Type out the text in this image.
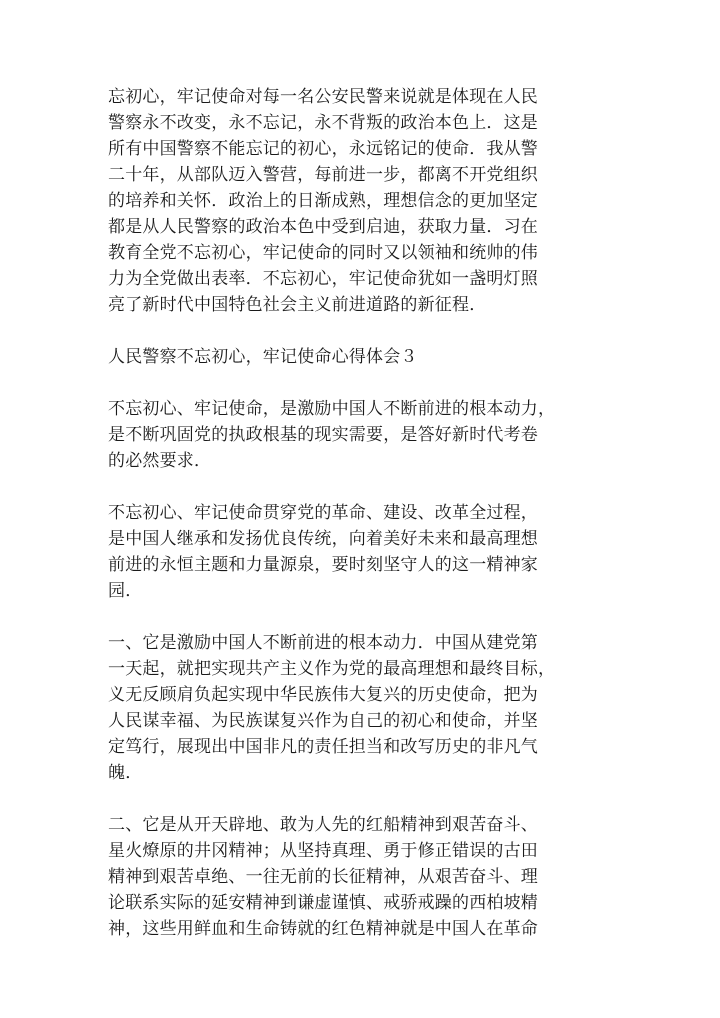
忘初心，牢记使命对每一名公安民警来说就是体现在人民
警察永不改变，永不忘记，永不背叛的政治本色上．这是
所有中国警察不能忘记的初心，永远铭记的使命．我从警
二十年，从部队迈入警营，每前进一步，都离不开党组织
的培养和关怀．政治上的日渐成熟，理想信念的更加坚定
都是从人民警察的政治本色中受到启迪，获取力量．习在
教育全党不忘初心，牢记使命的同时又以领袖和统帅的伟
力为全党做出表率．不忘初心，牢记使命犹如一盏明灯照
亮了新时代中国特色社会主义前进道路的新征程．

人民警察不忘初心，牢记使命心得体会３

不忘初心、牢记使命，是激励中国人不断前进的根本动力，
是不断巩固党的执政根基的现实需要，是答好新时代考卷
的必然要求．

不忘初心、牢记使命贯穿党的革命、建设、改革全过程，
是中国人继承和发扬优良传统，向着美好未来和最高理想
前进的永恒主题和力量源泉，要时刻坚守人的这一精神家
园．

一、它是激励中国人不断前进的根本动力．中国从建党第
一天起，就把实现共产主义作为党的最高理想和最终目标，
义无反顾肩负起实现中华民族伟大复兴的历史使命，把为
人民谋幸福、为民族谋复兴作为自己的初心和使命，并坚
定笃行，展现出中国非凡的责任担当和改写历史的非凡气
魄．

二、它是从开天辟地、敢为人先的红船精神到艰苦奋斗、
星火燎原的井冈精神；从坚持真理、勇于修正错误的古田
精神到艰苦卓绝、一往无前的长征精神，从艰苦奋斗、理
论联系实际的延安精神到谦虚谨慎、戒骄戒躁的西柏坡精
神，这些用鲜血和生命铸就的红色精神就是中国人在革命
